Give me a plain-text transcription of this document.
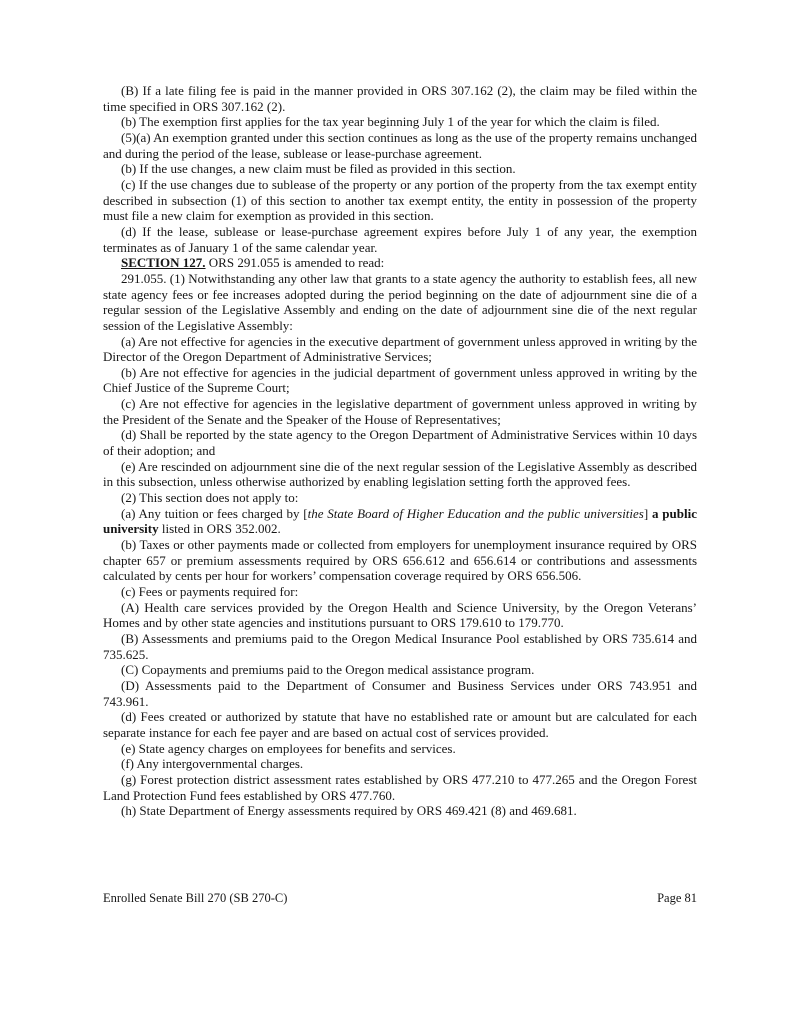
(B) If a late filing fee is paid in the manner provided in ORS 307.162 (2), the claim may be filed within the time specified in ORS 307.162 (2).

(b) The exemption first applies for the tax year beginning July 1 of the year for which the claim is filed.

(5)(a) An exemption granted under this section continues as long as the use of the property remains unchanged and during the period of the lease, sublease or lease-purchase agreement.

(b) If the use changes, a new claim must be filed as provided in this section.

(c) If the use changes due to sublease of the property or any portion of the property from the tax exempt entity described in subsection (1) of this section to another tax exempt entity, the entity in possession of the property must file a new claim for exemption as provided in this section.

(d) If the lease, sublease or lease-purchase agreement expires before July 1 of any year, the exemption terminates as of January 1 of the same calendar year.

SECTION 127. ORS 291.055 is amended to read:

291.055. (1) Notwithstanding any other law that grants to a state agency the authority to establish fees, all new state agency fees or fee increases adopted during the period beginning on the date of adjournment sine die of a regular session of the Legislative Assembly and ending on the date of adjournment sine die of the next regular session of the Legislative Assembly:

(a) Are not effective for agencies in the executive department of government unless approved in writing by the Director of the Oregon Department of Administrative Services;

(b) Are not effective for agencies in the judicial department of government unless approved in writing by the Chief Justice of the Supreme Court;

(c) Are not effective for agencies in the legislative department of government unless approved in writing by the President of the Senate and the Speaker of the House of Representatives;

(d) Shall be reported by the state agency to the Oregon Department of Administrative Services within 10 days of their adoption; and

(e) Are rescinded on adjournment sine die of the next regular session of the Legislative Assembly as described in this subsection, unless otherwise authorized by enabling legislation setting forth the approved fees.

(2) This section does not apply to:

(a) Any tuition or fees charged by [the State Board of Higher Education and the public universities] a public university listed in ORS 352.002.

(b) Taxes or other payments made or collected from employers for unemployment insurance required by ORS chapter 657 or premium assessments required by ORS 656.612 and 656.614 or contributions and assessments calculated by cents per hour for workers’ compensation coverage required by ORS 656.506.

(c) Fees or payments required for:

(A) Health care services provided by the Oregon Health and Science University, by the Oregon Veterans’ Homes and by other state agencies and institutions pursuant to ORS 179.610 to 179.770.

(B) Assessments and premiums paid to the Oregon Medical Insurance Pool established by ORS 735.614 and 735.625.

(C) Copayments and premiums paid to the Oregon medical assistance program.

(D) Assessments paid to the Department of Consumer and Business Services under ORS 743.951 and 743.961.

(d) Fees created or authorized by statute that have no established rate or amount but are calculated for each separate instance for each fee payer and are based on actual cost of services provided.

(e) State agency charges on employees for benefits and services.

(f) Any intergovernmental charges.

(g) Forest protection district assessment rates established by ORS 477.210 to 477.265 and the Oregon Forest Land Protection Fund fees established by ORS 477.760.

(h) State Department of Energy assessments required by ORS 469.421 (8) and 469.681.

Enrolled Senate Bill 270 (SB 270-C)	Page 81
